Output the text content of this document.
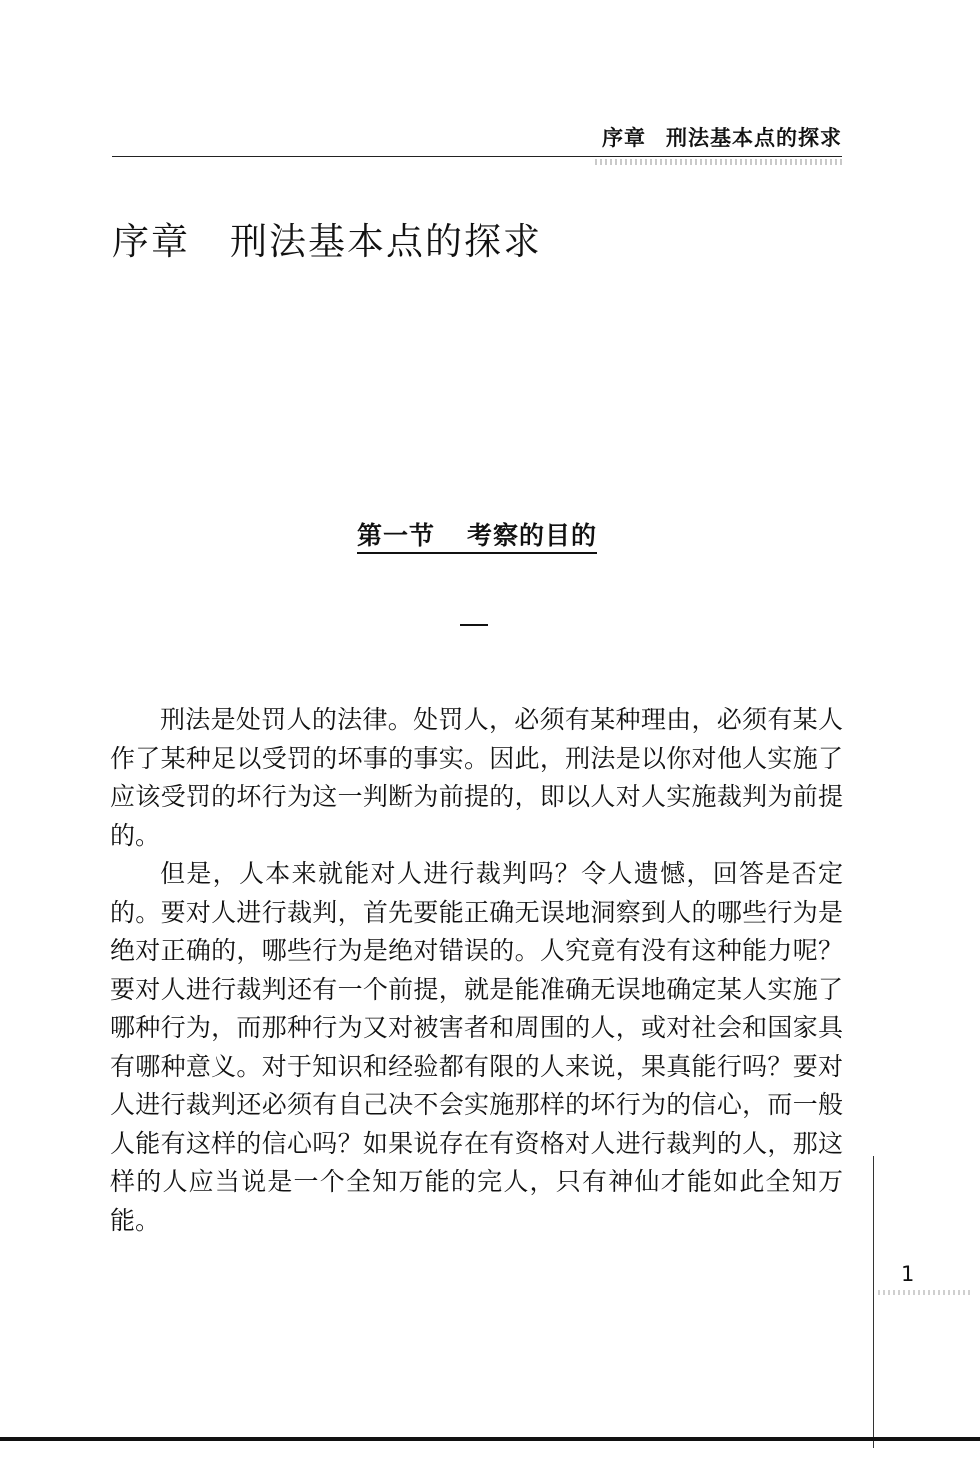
序章 刑法基本点的探求
序章 刑法基本点的探求
第一节 考察的目的

刑法是处罚人的法律。处罚人，必须有某种理由，必须有某人作了某种足以受罚的坏事的事实。因此，刑法是以你对他人实施了应该受罚的坏行为这一判断为前提的，即以人对人实施裁判为前提的。

但是，人本来就能对人进行裁判吗？令人遗憾，回答是否定的。要对人进行裁判，首先要能正确无误地洞察到人的哪些行为是绝对正确的，哪些行为是绝对错误的。人究竟有没有这种能力呢？要对人进行裁判还有一个前提，就是能准确无误地确定某人实施了哪种行为，而那种行为又对被害者和周围的人，或对社会和国家具有哪种意义。对于知识和经验都有限的人来说，果真能行吗？要对人进行裁判还必须有自己决不会实施那样的坏行为的信心，而一般人能有这样的信心吗？如果说存在有资格对人进行裁判的人，那这样的人应当说是一个全知万能的完人，只有神仙才能如此全知万能。

1
